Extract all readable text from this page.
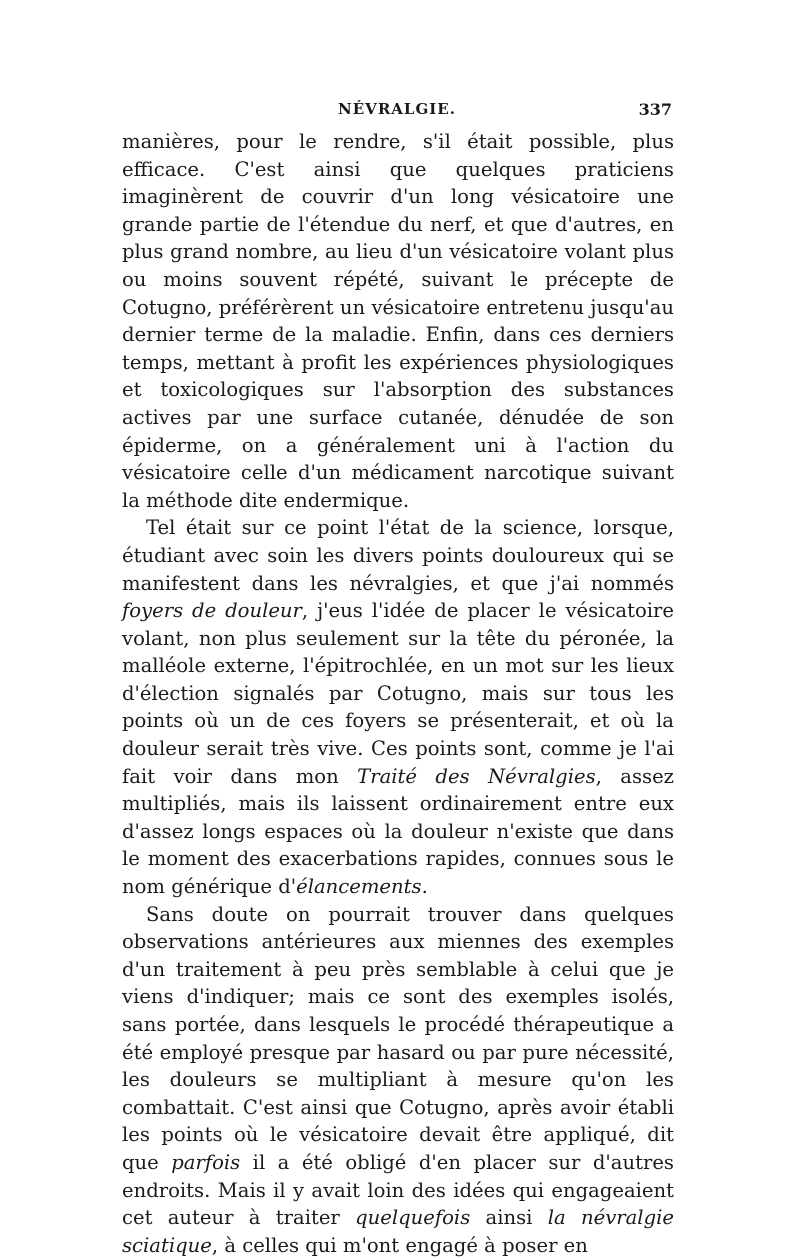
NÉVRALGIE.	337

manières, pour le rendre, s'il était possible, plus efficace. C'est ainsi que quelques praticiens imaginèrent de couvrir d'un long vésicatoire une grande partie de l'étendue du nerf, et que d'autres, en plus grand nombre, au lieu d'un vésicatoire volant plus ou moins souvent répété, suivant le précepte de Cotugno, préférèrent un vésicatoire entretenu jusqu'au dernier terme de la maladie. Enfin, dans ces derniers temps, mettant à profit les expériences physiologiques et toxicologiques sur l'absorption des substances actives par une surface cutanée, dénudée de son épiderme, on a généralement uni à l'action du vésicatoire celle d'un médicament narcotique suivant la méthode dite endermique.

Tel était sur ce point l'état de la science, lorsque, étudiant avec soin les divers points douloureux qui se manifestent dans les névralgies, et que j'ai nommés foyers de douleur, j'eus l'idée de placer le vésicatoire volant, non plus seulement sur la tête du péronée, la malléole externe, l'épitrochlée, en un mot sur les lieux d'élection signalés par Cotugno, mais sur tous les points où un de ces foyers se présenterait, et où la douleur serait très vive. Ces points sont, comme je l'ai fait voir dans mon Traité des Névralgies, assez multipliés, mais ils laissent ordinairement entre eux d'assez longs espaces où la douleur n'existe que dans le moment des exacerbations rapides, connues sous le nom générique d'élancements.

Sans doute on pourrait trouver dans quelques observations antérieures aux miennes des exemples d'un traitement à peu près semblable à celui que je viens d'indiquer; mais ce sont des exemples isolés, sans portée, dans lesquels le procédé thérapeutique a été employé presque par hasard ou par pure nécessité, les douleurs se multipliant à mesure qu'on les combattait. C'est ainsi que Cotugno, après avoir établi les points où le vésicatoire devait être appliqué, dit que parfois il a été obligé d'en placer sur d'autres endroits. Mais il y avait loin des idées qui engageaient cet auteur à traiter quelquefois ainsi la névralgie sciatique, à celles qui m'ont engagé à poser en
